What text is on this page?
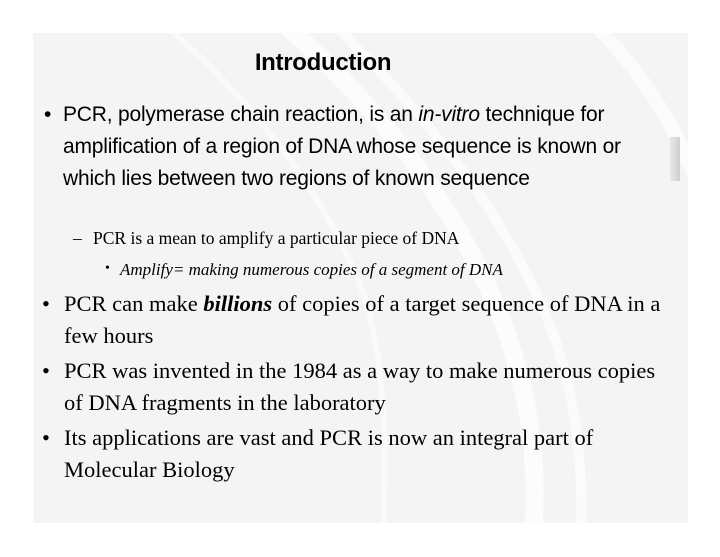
Introduction
• PCR, polymerase chain reaction, is an in-vitro technique for amplification of a region of DNA whose sequence is known or which lies between two regions of known sequence
– PCR is a mean to amplify a particular piece of DNA
• Amplify= making numerous copies of a segment of DNA
• PCR can make billions of copies of a target sequence of DNA in a few hours
• PCR was invented in the 1984 as a way to make numerous copies of DNA fragments in the laboratory
• Its applications are vast and PCR is now an integral part of Molecular Biology
